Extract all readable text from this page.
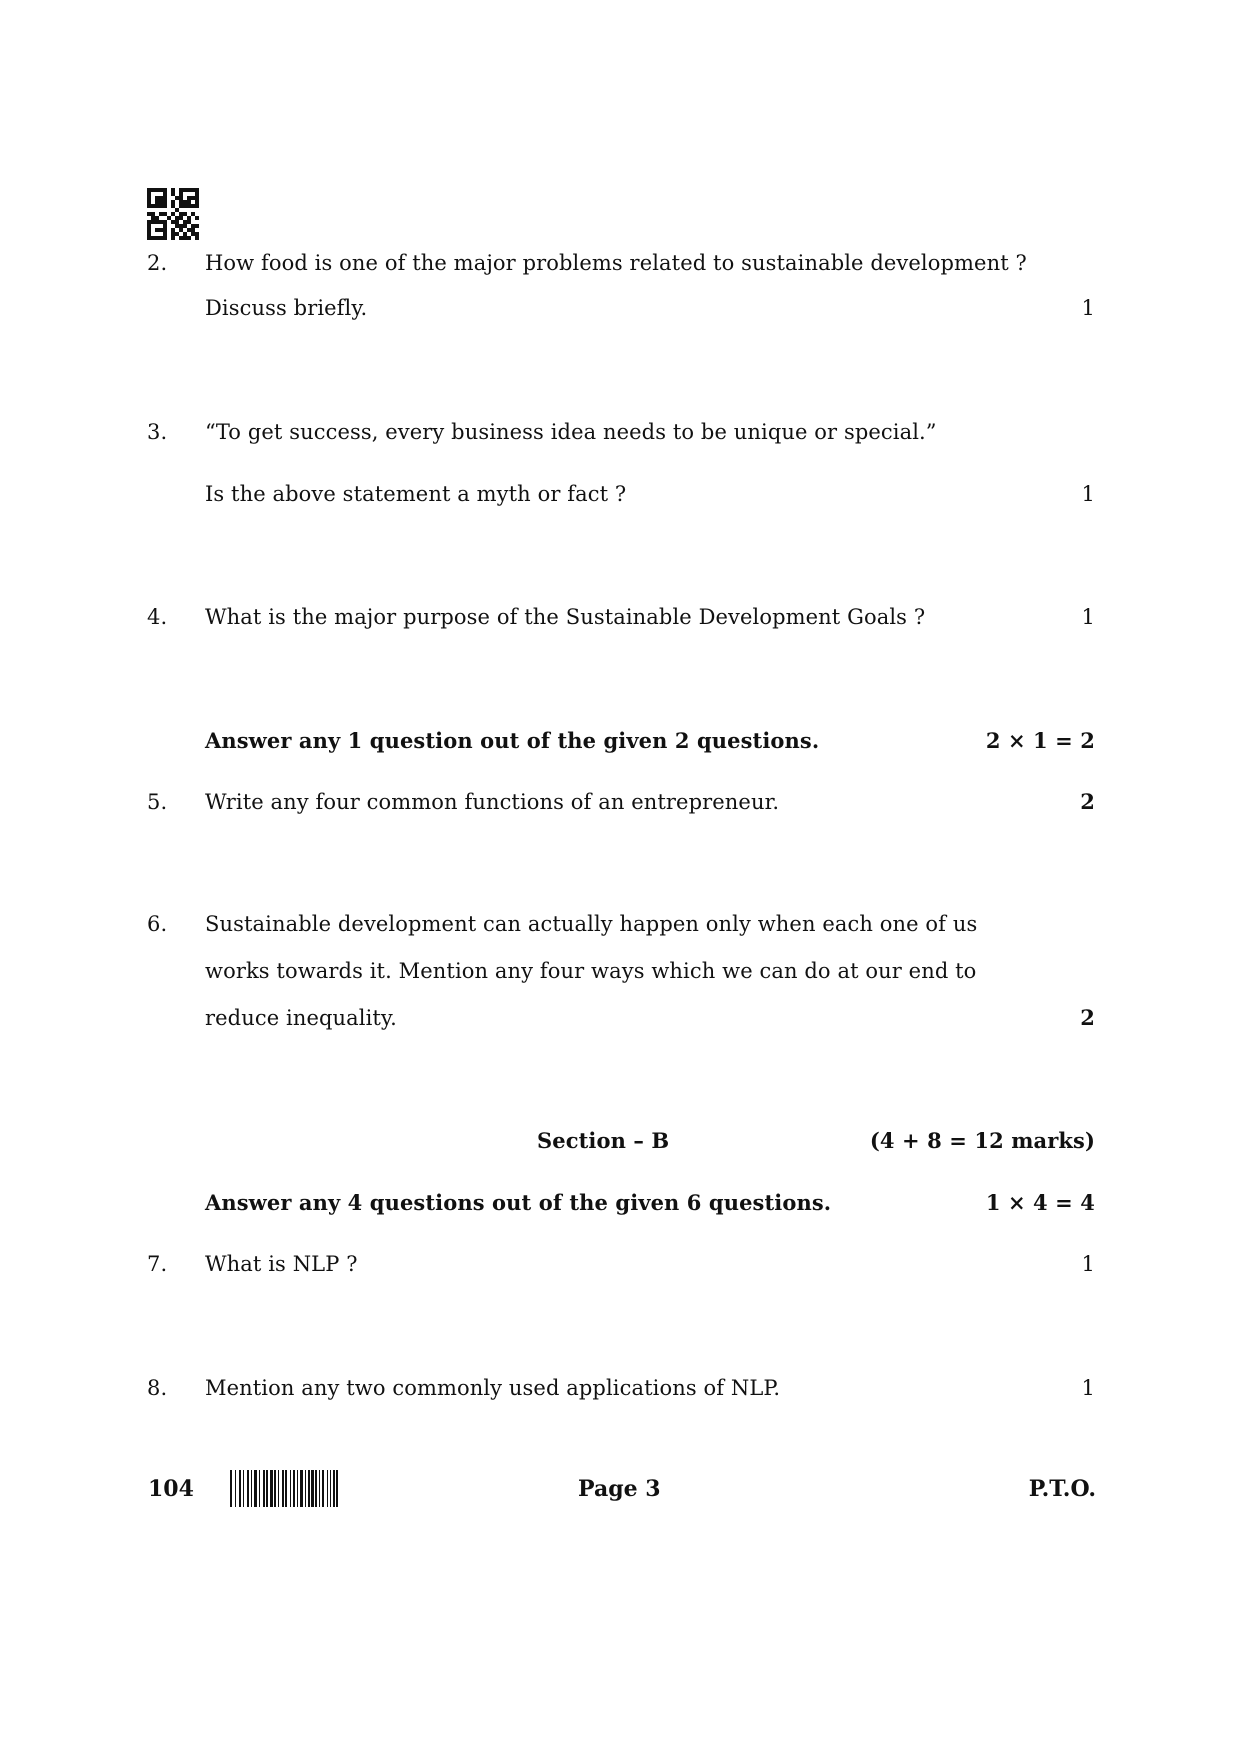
2. How food is one of the major problems related to sustainable development ?
Discuss briefly.	1
3. “To get success, every business idea needs to be unique or special.”
Is the above statement a myth or fact ?	1
4. What is the major purpose of the Sustainable Development Goals ?	1
Answer any 1 question out of the given 2 questions.	2 × 1 = 2
5. Write any four common functions of an entrepreneur.	2
6. Sustainable development can actually happen only when each one of us
works towards it. Mention any four ways which we can do at our end to
reduce inequality.	2
Section – B	(4 + 8 = 12 marks)
Answer any 4 questions out of the given 6 questions.	1 × 4 = 4
7. What is NLP ?	1
8. Mention any two commonly used applications of NLP.	1
104	Page 3	P.T.O.
